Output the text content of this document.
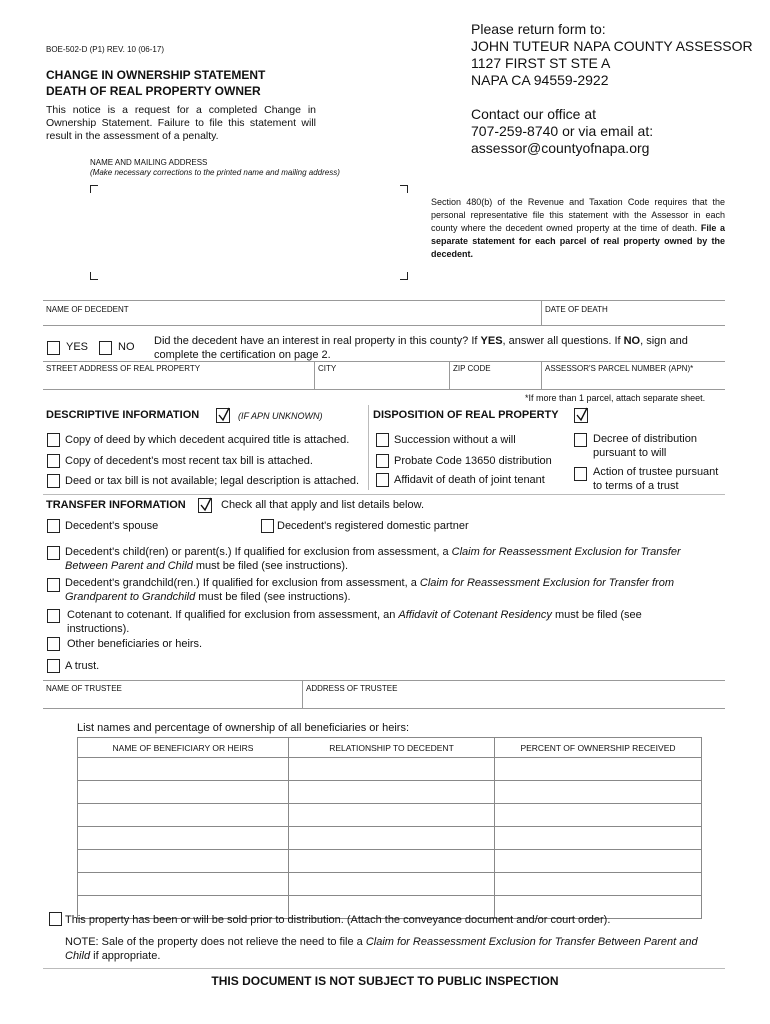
BOE-502-D (P1) REV. 10 (06-17)
CHANGE IN OWNERSHIP STATEMENT
DEATH OF REAL PROPERTY OWNER
This notice is a request for a completed Change in Ownership Statement. Failure to file this statement will result in the assessment of a penalty.
Please return form to:
JOHN TUTEUR NAPA COUNTY ASSESSOR
1127 FIRST ST STE A
NAPA CA 94559-2922
Contact our office at
707-259-8740 or via email at:
assessor@countyofnapa.org
NAME AND MAILING ADDRESS
(Make necessary corrections to the printed name and mailing address)
Section 480(b) of the Revenue and Taxation Code requires that the personal representative file this statement with the Assessor in each county where the decedent owned property at the time of death. File a separate statement for each parcel of real property owned by the decedent.
NAME OF DECEDENT	DATE OF DEATH
YES	NO Did the decedent have an interest in real property in this county? If YES, answer all questions. If NO, sign and complete the certification on page 2.
STREET ADDRESS OF REAL PROPERTY	CITY	ZIP CODE	ASSESSOR'S PARCEL NUMBER (APN)*
*If more than 1 parcel, attach separate sheet.
DESCRIPTIVE INFORMATION	(IF APN UNKNOWN)
Copy of deed by which decedent acquired title is attached.
Copy of decedent's most recent tax bill is attached.
Deed or tax bill is not available; legal description is attached.
DISPOSITION OF REAL PROPERTY
Succession without a will
Probate Code 13650 distribution
Affidavit of death of joint tenant
Decree of distribution pursuant to will
Action of trustee pursuant to terms of a trust
TRANSFER INFORMATION	Check all that apply and list details below.
Decedent's spouse	Decedent's registered domestic partner
Decedent's child(ren) or parent(s.) If qualified for exclusion from assessment, a Claim for Reassessment Exclusion for Transfer Between Parent and Child must be filed (see instructions).
Decedent's grandchild(ren.) If qualified for exclusion from assessment, a Claim for Reassessment Exclusion for Transfer from Grandparent to Grandchild must be filed (see instructions).
Cotenant to cotenant. If qualified for exclusion from assessment, an Affidavit of Cotenant Residency must be filed (see instructions).
Other beneficiaries or heirs.
A trust.
NAME OF TRUSTEE	ADDRESS OF TRUSTEE
List names and percentage of ownership of all beneficiaries or heirs:
NAME OF BENEFICIARY OR HEIRS	RELATIONSHIP TO DECEDENT	PERCENT OF OWNERSHIP RECEIVED

This property has been or will be sold prior to distribution. (Attach the conveyance document and/or court order).
NOTE: Sale of the property does not relieve the need to file a Claim for Reassessment Exclusion for Transfer Between Parent and Child if appropriate.
THIS DOCUMENT IS NOT SUBJECT TO PUBLIC INSPECTION
